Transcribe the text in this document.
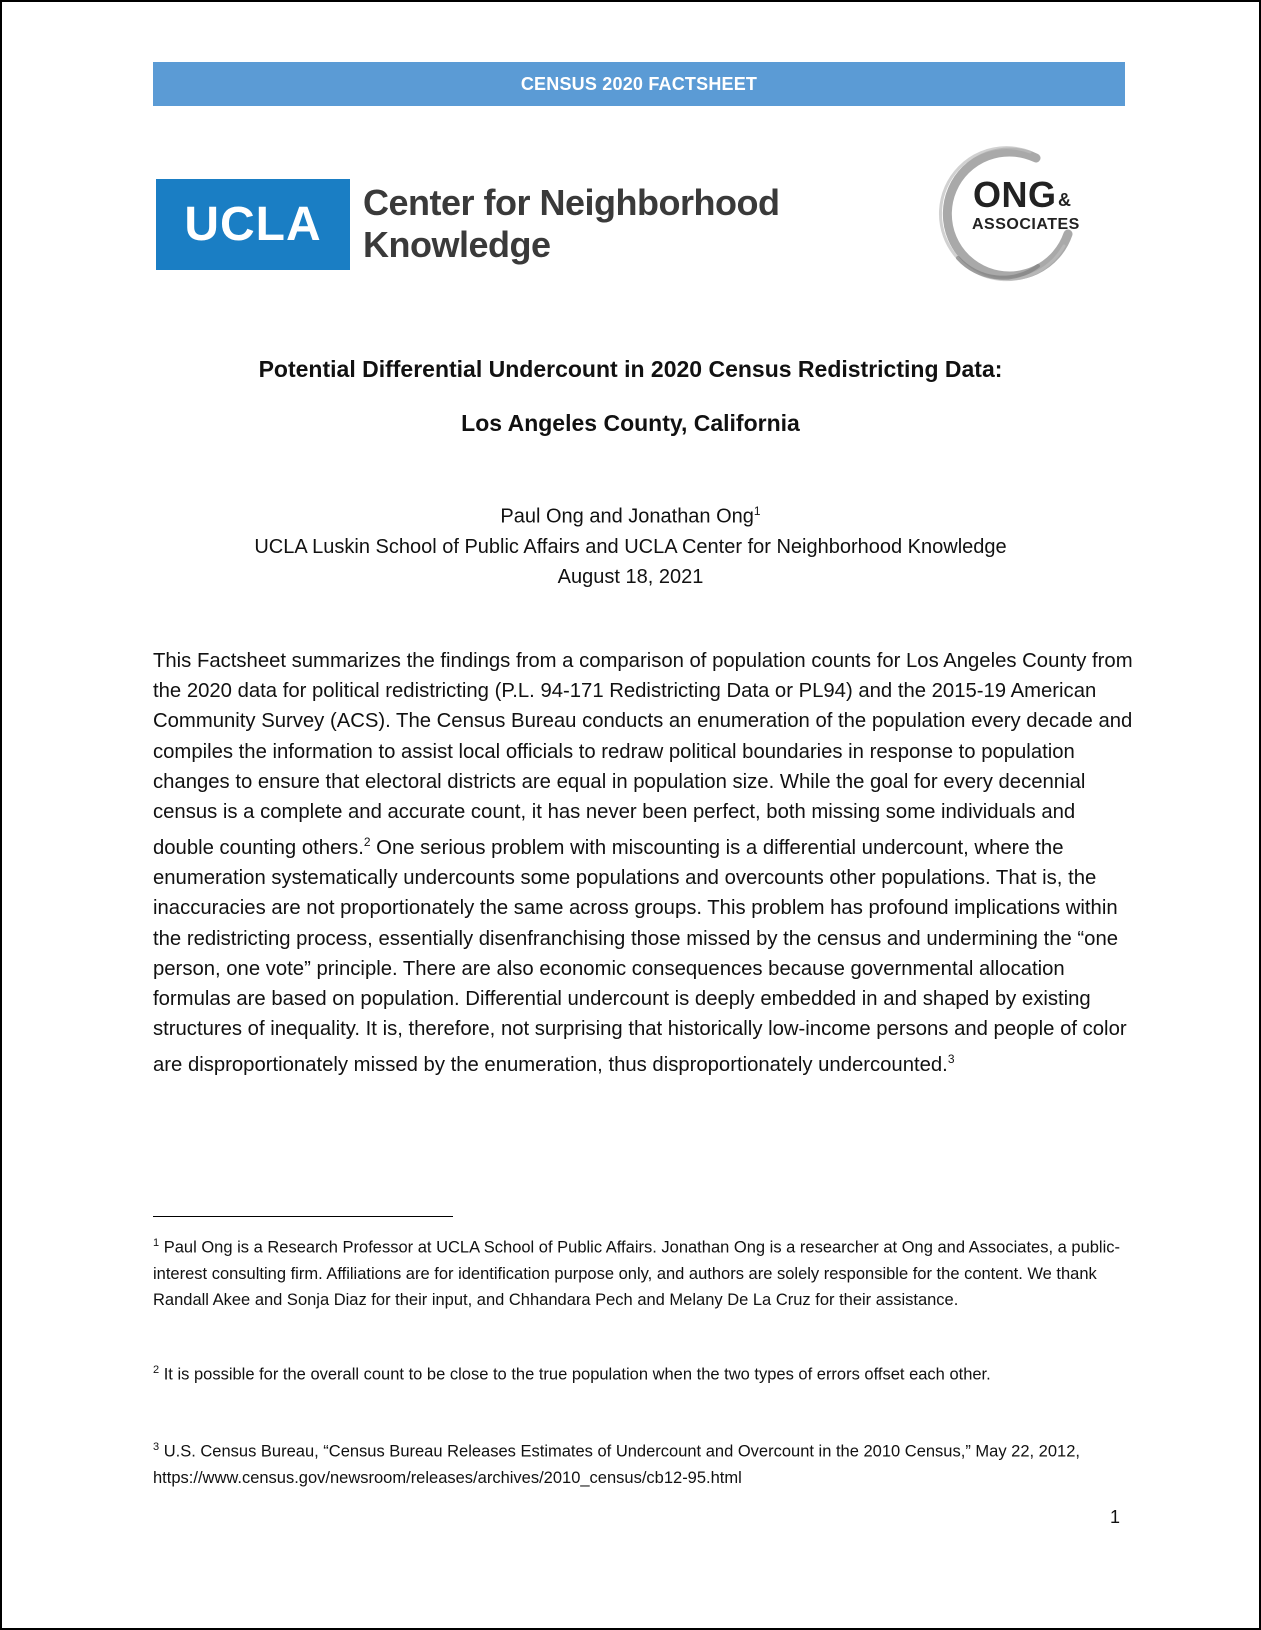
CENSUS 2020 FACTSHEET
UCLA Center for Neighborhood
Knowledge
ONG &
ASSOCIATES
Potential Differential Undercount in 2020 Census Redistricting Data:
Los Angeles County, California
Paul Ong and Jonathan Ong$^1$
UCLA Luskin School of Public Affairs and UCLA Center for Neighborhood Knowledge
August 18, 2021
This Factsheet summarizes the findings from a comparison of population counts for Los Angeles County from the 2020 data for political redistricting (P.L. 94-171 Redistricting Data or PL94) and the 2015-19 American Community Survey (ACS). The Census Bureau conducts an enumeration of the population every decade and compiles the information to assist local officials to redraw political boundaries in response to population changes to ensure that electoral districts are equal in population size. While the goal for every decennial census is a complete and accurate count, it has never been perfect, both missing some individuals and double counting others.$^2$ One serious problem with miscounting is a differential undercount, where the enumeration systematically undercounts some populations and overcounts other populations. That is, the inaccuracies are not proportionately the same across groups. This problem has profound implications within the redistricting process, essentially disenfranchising those missed by the census and undermining the “one person, one vote” principle. There are also economic consequences because governmental allocation formulas are based on population. Differential undercount is deeply embedded in and shaped by existing structures of inequality. It is, therefore, not surprising that historically low-income persons and people of color are disproportionately missed by the enumeration, thus disproportionately undercounted.$^3$
$^1$ Paul Ong is a Research Professor at UCLA School of Public Affairs. Jonathan Ong is a researcher at Ong and Associates, a public-interest consulting firm. Affiliations are for identification purpose only, and authors are solely responsible for the content. We thank Randall Akee and Sonja Diaz for their input, and Chhandara Pech and Melany De La Cruz for their assistance.
$^2$ It is possible for the overall count to be close to the true population when the two types of errors offset each other.
$^3$ U.S. Census Bureau, “Census Bureau Releases Estimates of Undercount and Overcount in the 2010 Census,” May 22, 2012, https://www.census.gov/newsroom/releases/archives/2010_census/cb12-95.html
1
